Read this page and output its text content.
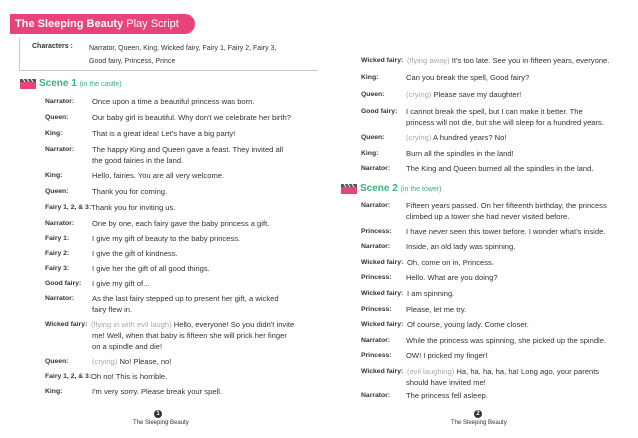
The Sleeping Beauty Play Script
Characters : Narrator, Queen, King, Wicked fairy, Fairy 1, Fairy 2, Fairy 3,
Good fairy, Princess, Prince
Scene 1 (in the castle)
Narrator: Once upon a time a beautiful princess was born.
Queen:	Our baby girl is beautiful. Why don't we celebrate her birth?
King:	That is a great idea! Let's have a big party!
Narrator: The happy King and Queen gave a feast. They invited all
the good fairies in the land.
King:	Hello, fairies. You are all very welcome.
Queen:	Thank you for coming.
Fairy 1, 2, & 3: Thank you for inviting us.
Narrator: One by one, each fairy gave the baby princess a gift.
Fairy 1:	I give my gift of beauty to the baby princess.
Fairy 2:	I give the gift of kindness.
Fairy 3:	I give her the gift of all good things.
Good fairy: I give my gift of...
Narrator: As the last fairy stepped up to present her gift, a wicked
fairy flew in.
Wicked fairy: (flying in with evil laugh) Hello, everyone! So you didn't invite
me! Well, when that baby is fifteen she will prick her finger
on a spindle and die!
Queen:	(crying) No! Please, no!
Fairy 1, 2, & 3: Oh no! This is horrible.
King:	I'm very sorry. Please break your spell.
1
The Sleeping Beauty
Wicked fairy: (flying away) It's too late. See you in fifteen years, everyone.
King:	Can you break the spell, Good fairy?
Queen:	(crying) Please save my daughter!
Good fairy: I cannot break the spell, but I can make it better. The
princess will not die, but she will sleep for a hundred years.
Queen:	(crying) A hundred years? No!
King:	Burn all the spindles in the land!
Narrator: The King and Queen burned all the spindles in the land.
Scene 2 (in the tower)
Narrator: Fifteen years passed. On her fifteenth birthday, the princess
climbed up a tower she had never visited before.
Princess: I have never seen this tower before. I wonder what's inside.
Narrator: Inside, an old lady was spinning.
Wicked fairy: Oh, come on in, Princess.
Princess: Hello. What are you doing?
Wicked fairy: I am spinning.
Princess: Please, let me try.
Wicked fairy: Of course, young lady. Come closer.
Narrator: While the princess was spinning, she picked up the spindle.
Princess: OW! I pricked my finger!
Wicked fairy: (evil laughing) Ha, ha, ha, ha, ha! Long ago, your parents
should have invited me!
Narrator: The princess fell asleep.
2
The Sleeping Beauty
